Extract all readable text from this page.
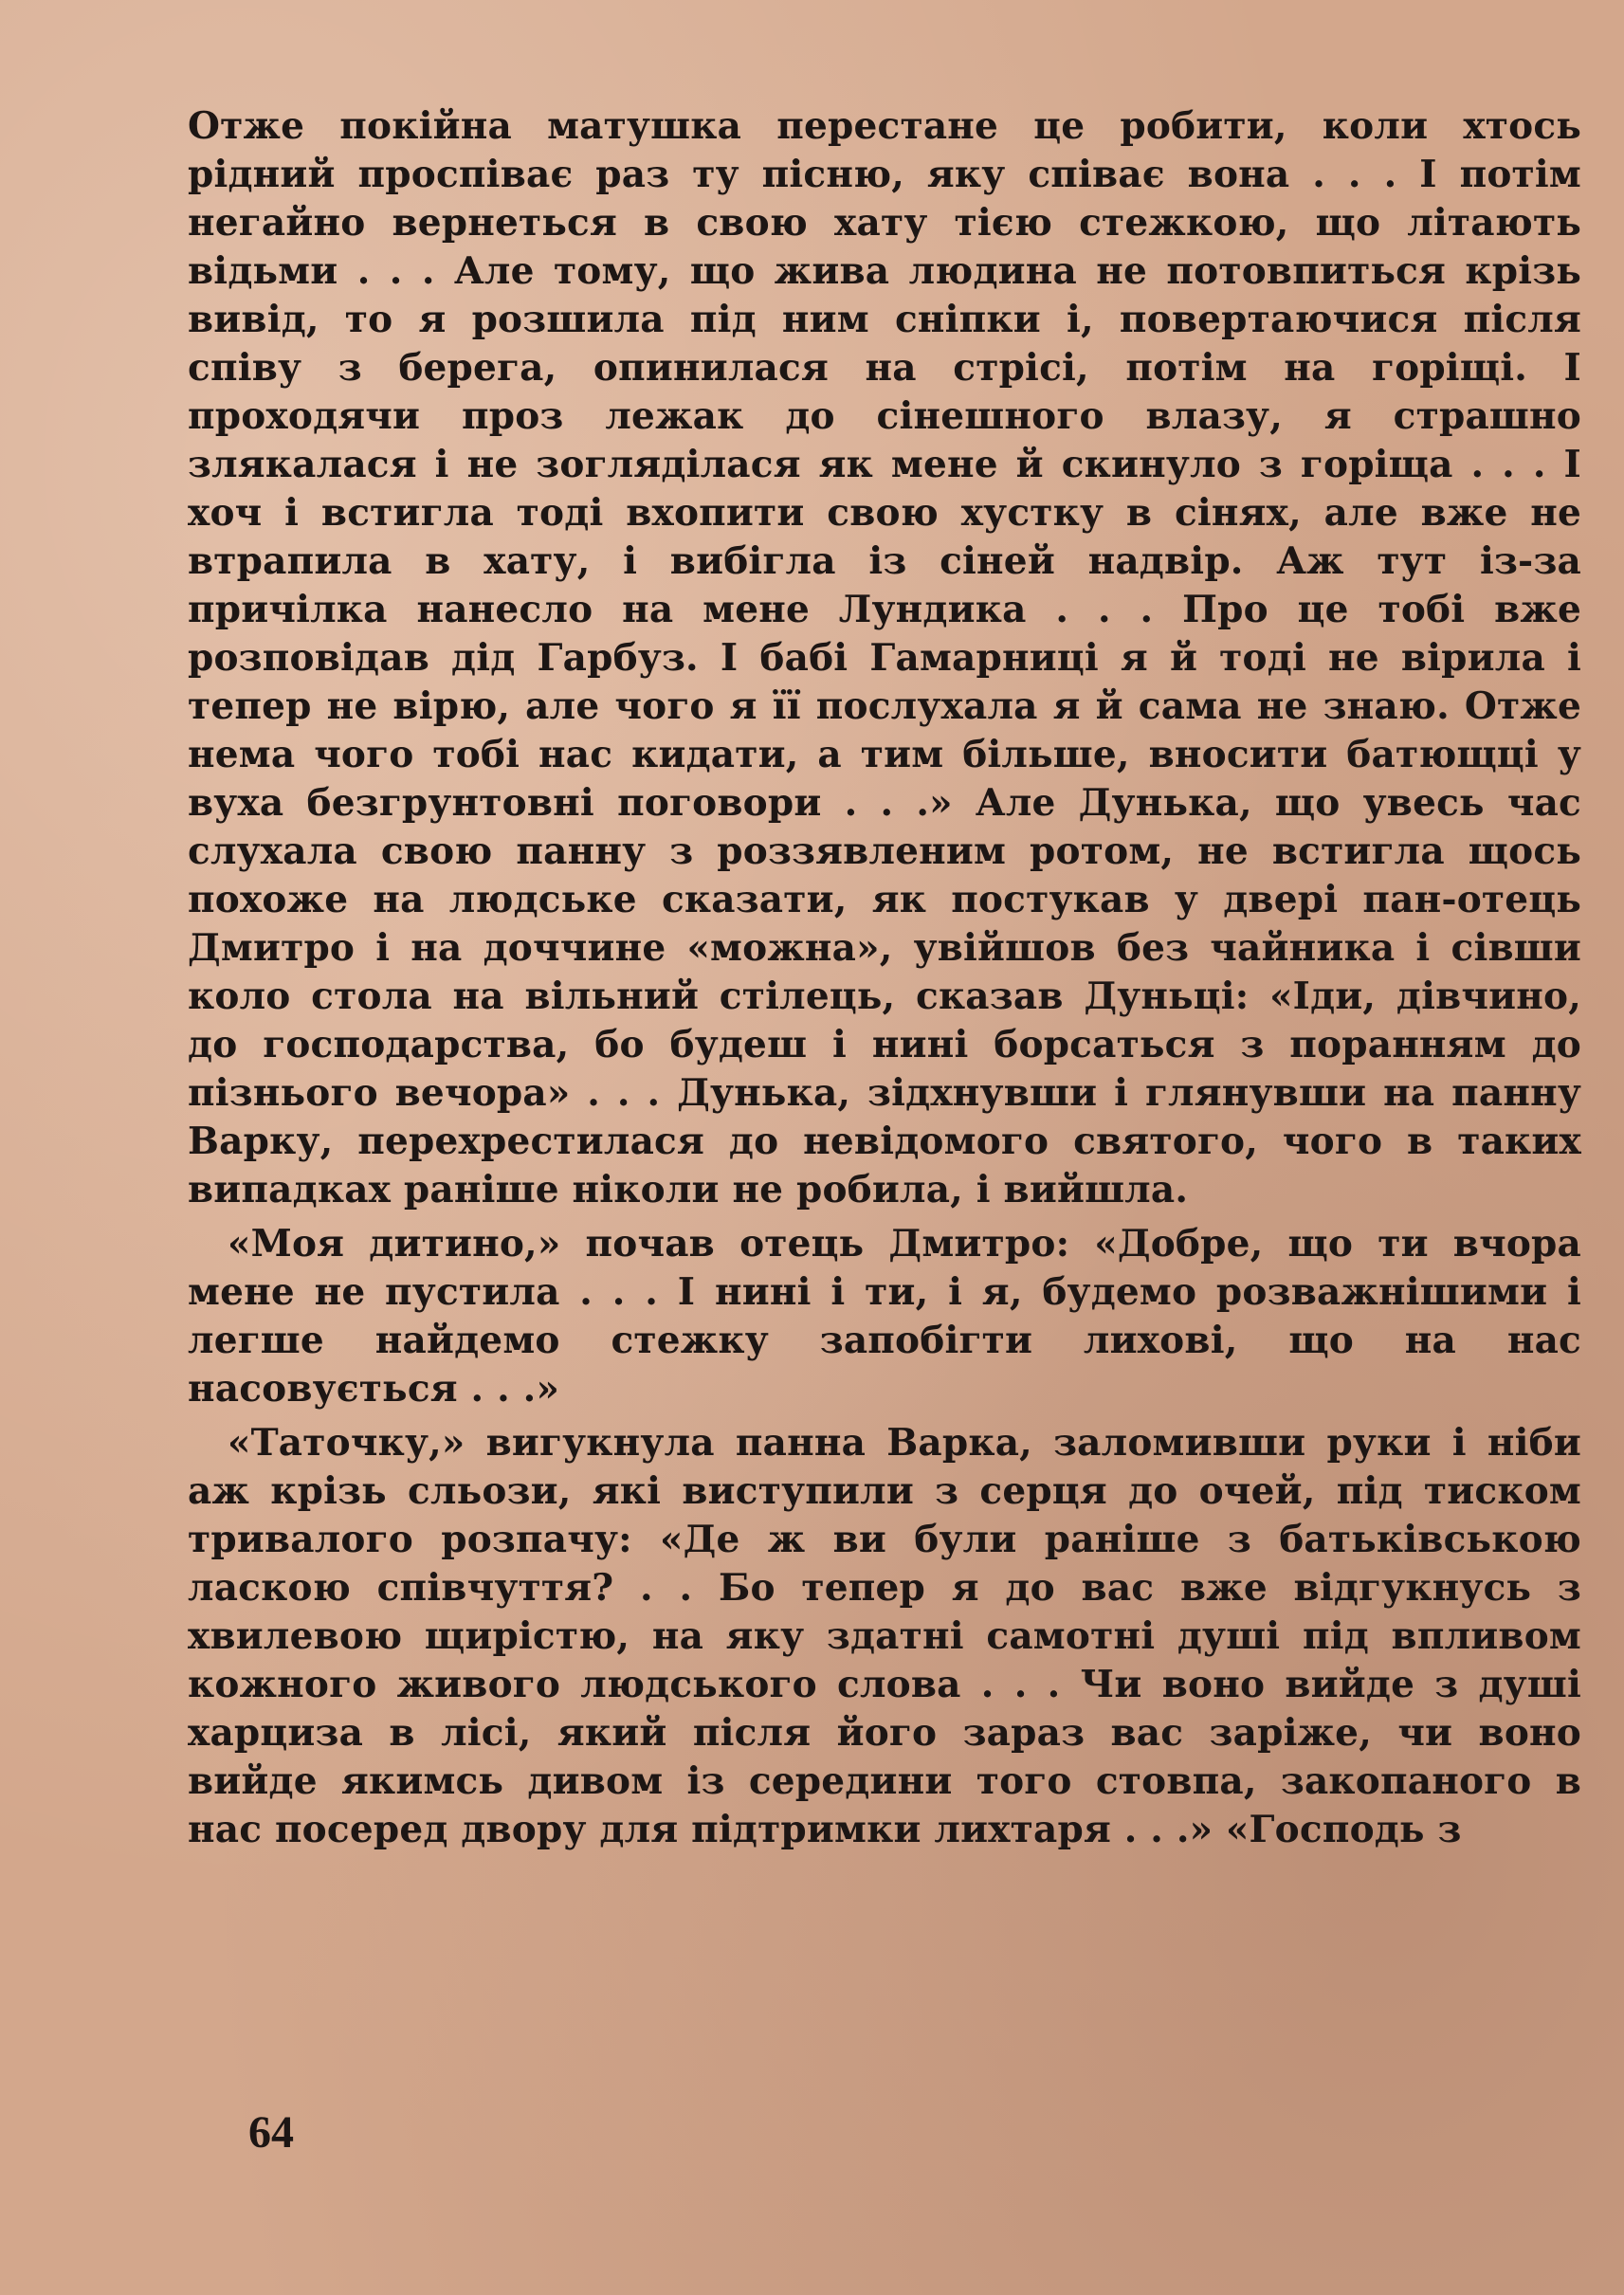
Отже покійна матушка перестане це робити, коли хтось рідний проспіває раз ту пісню, яку співає вона . . . І потім негайно вернеться в свою хату тією стежкою, що літають відьми . . . Але тому, що жива людина не потовпиться крізь вивід, то я розшила під ним сніпки і, повертаючися після співу з берега, опинилася на стрісі, потім на горіщі. І проходячи проз лежак до сінешного влазу, я страшно злякалася і не зогляділася як мене й скинуло з горіща . . . І хоч і встигла тоді вхопити свою хустку в сінях, але вже не втрапила в хату, і вибігла із сіней надвір. Аж тут із-за причілка нанесло на мене Лундика . . . Про це тобі вже розповідав дід Гарбуз. І бабі Гамарниці я й тоді не вірила і тепер не вірю, але чого я її послухала я й сама не знаю. Отже нема чого тобі нас кидати, а тим більше, вносити батющці у вуха безгрунтовні поговори . . .» Але Дунька, що увесь час слухала свою панну з роззявленим ротом, не встигла щось похоже на людське сказати, як постукав у двері пан-отець Дмитро і на доччине «можна», увійшов без чайника і сівши коло стола на вільний стілець, сказав Дуньці: «Іди, дівчино, до господарства, бо будеш і нині борсаться з поранням до пізнього вечора» . . . Дунька, зідхнувши і глянувши на панну Варку, перехрестилася до невідомого святого, чого в таких випадках раніше ніколи не робила, і вийшла.

«Моя дитино,» почав отець Дмитро: «Добре, що ти вчора мене не пустила . . . І нині і ти, і я, будемо розважнішими і легше найдемо стежку запобігти лихові, що на нас насовується . . .»

«Таточку,» вигукнула панна Варка, заломивши руки і ніби аж крізь сльози, які виступили з серця до очей, під тиском тривалого розпачу: «Де ж ви були раніше з батьківською ласкою співчуття? . . Бо тепер я до вас вже відгукнусь з хвилевою щирістю, на яку здатні самотні душі під впливом кожного живого людського слова . . . Чи воно вийде з душі харциза в лісі, який після його зараз вас заріже, чи воно вийде якимсь дивом із середини того стовпа, закопаного в нас посеред двору для підтримки лихтаря . . .» «Господь з

64
